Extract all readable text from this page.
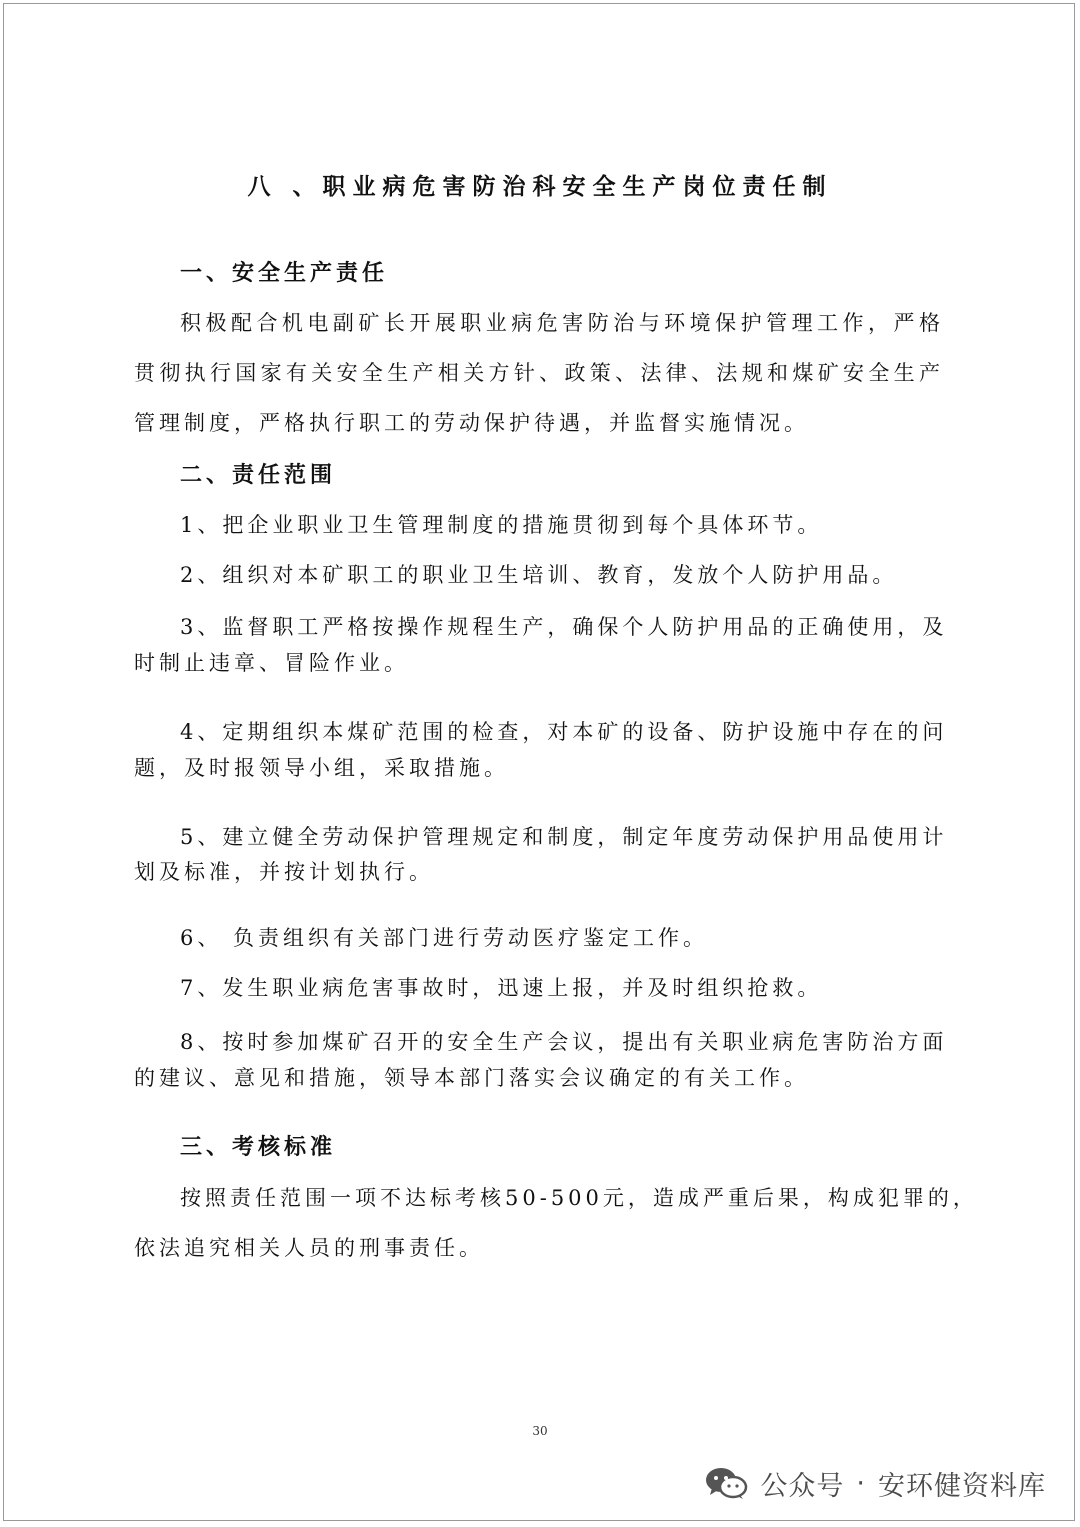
八 、职业病危害防治科安全生产岗位责任制
一、安全生产责任
积极配合机电副矿长开展职业病危害防治与环境保护管理工作，严格
贯彻执行国家有关安全生产相关方针、政策、法律、法规和煤矿安全生产
管理制度，严格执行职工的劳动保护待遇，并监督实施情况。
二、责任范围
1、把企业职业卫生管理制度的措施贯彻到每个具体环节。
2、组织对本矿职工的职业卫生培训、教育，发放个人防护用品。
3、监督职工严格按操作规程生产，确保个人防护用品的正确使用，及
时制止违章、冒险作业。
4、定期组织本煤矿范围的检查，对本矿的设备、防护设施中存在的问
题，及时报领导小组，采取措施。
5、建立健全劳动保护管理规定和制度，制定年度劳动保护用品使用计
划及标准，并按计划执行。
6、 负责组织有关部门进行劳动医疗鉴定工作。
7、发生职业病危害事故时，迅速上报，并及时组织抢救。
8、按时参加煤矿召开的安全生产会议，提出有关职业病危害防治方面
的建议、意见和措施，领导本部门落实会议确定的有关工作。
三、考核标准
按照责任范围一项不达标考核50-500元，造成严重后果，构成犯罪的，
依法追究相关人员的刑事责任。
30
公众号 · 安环健资料库
